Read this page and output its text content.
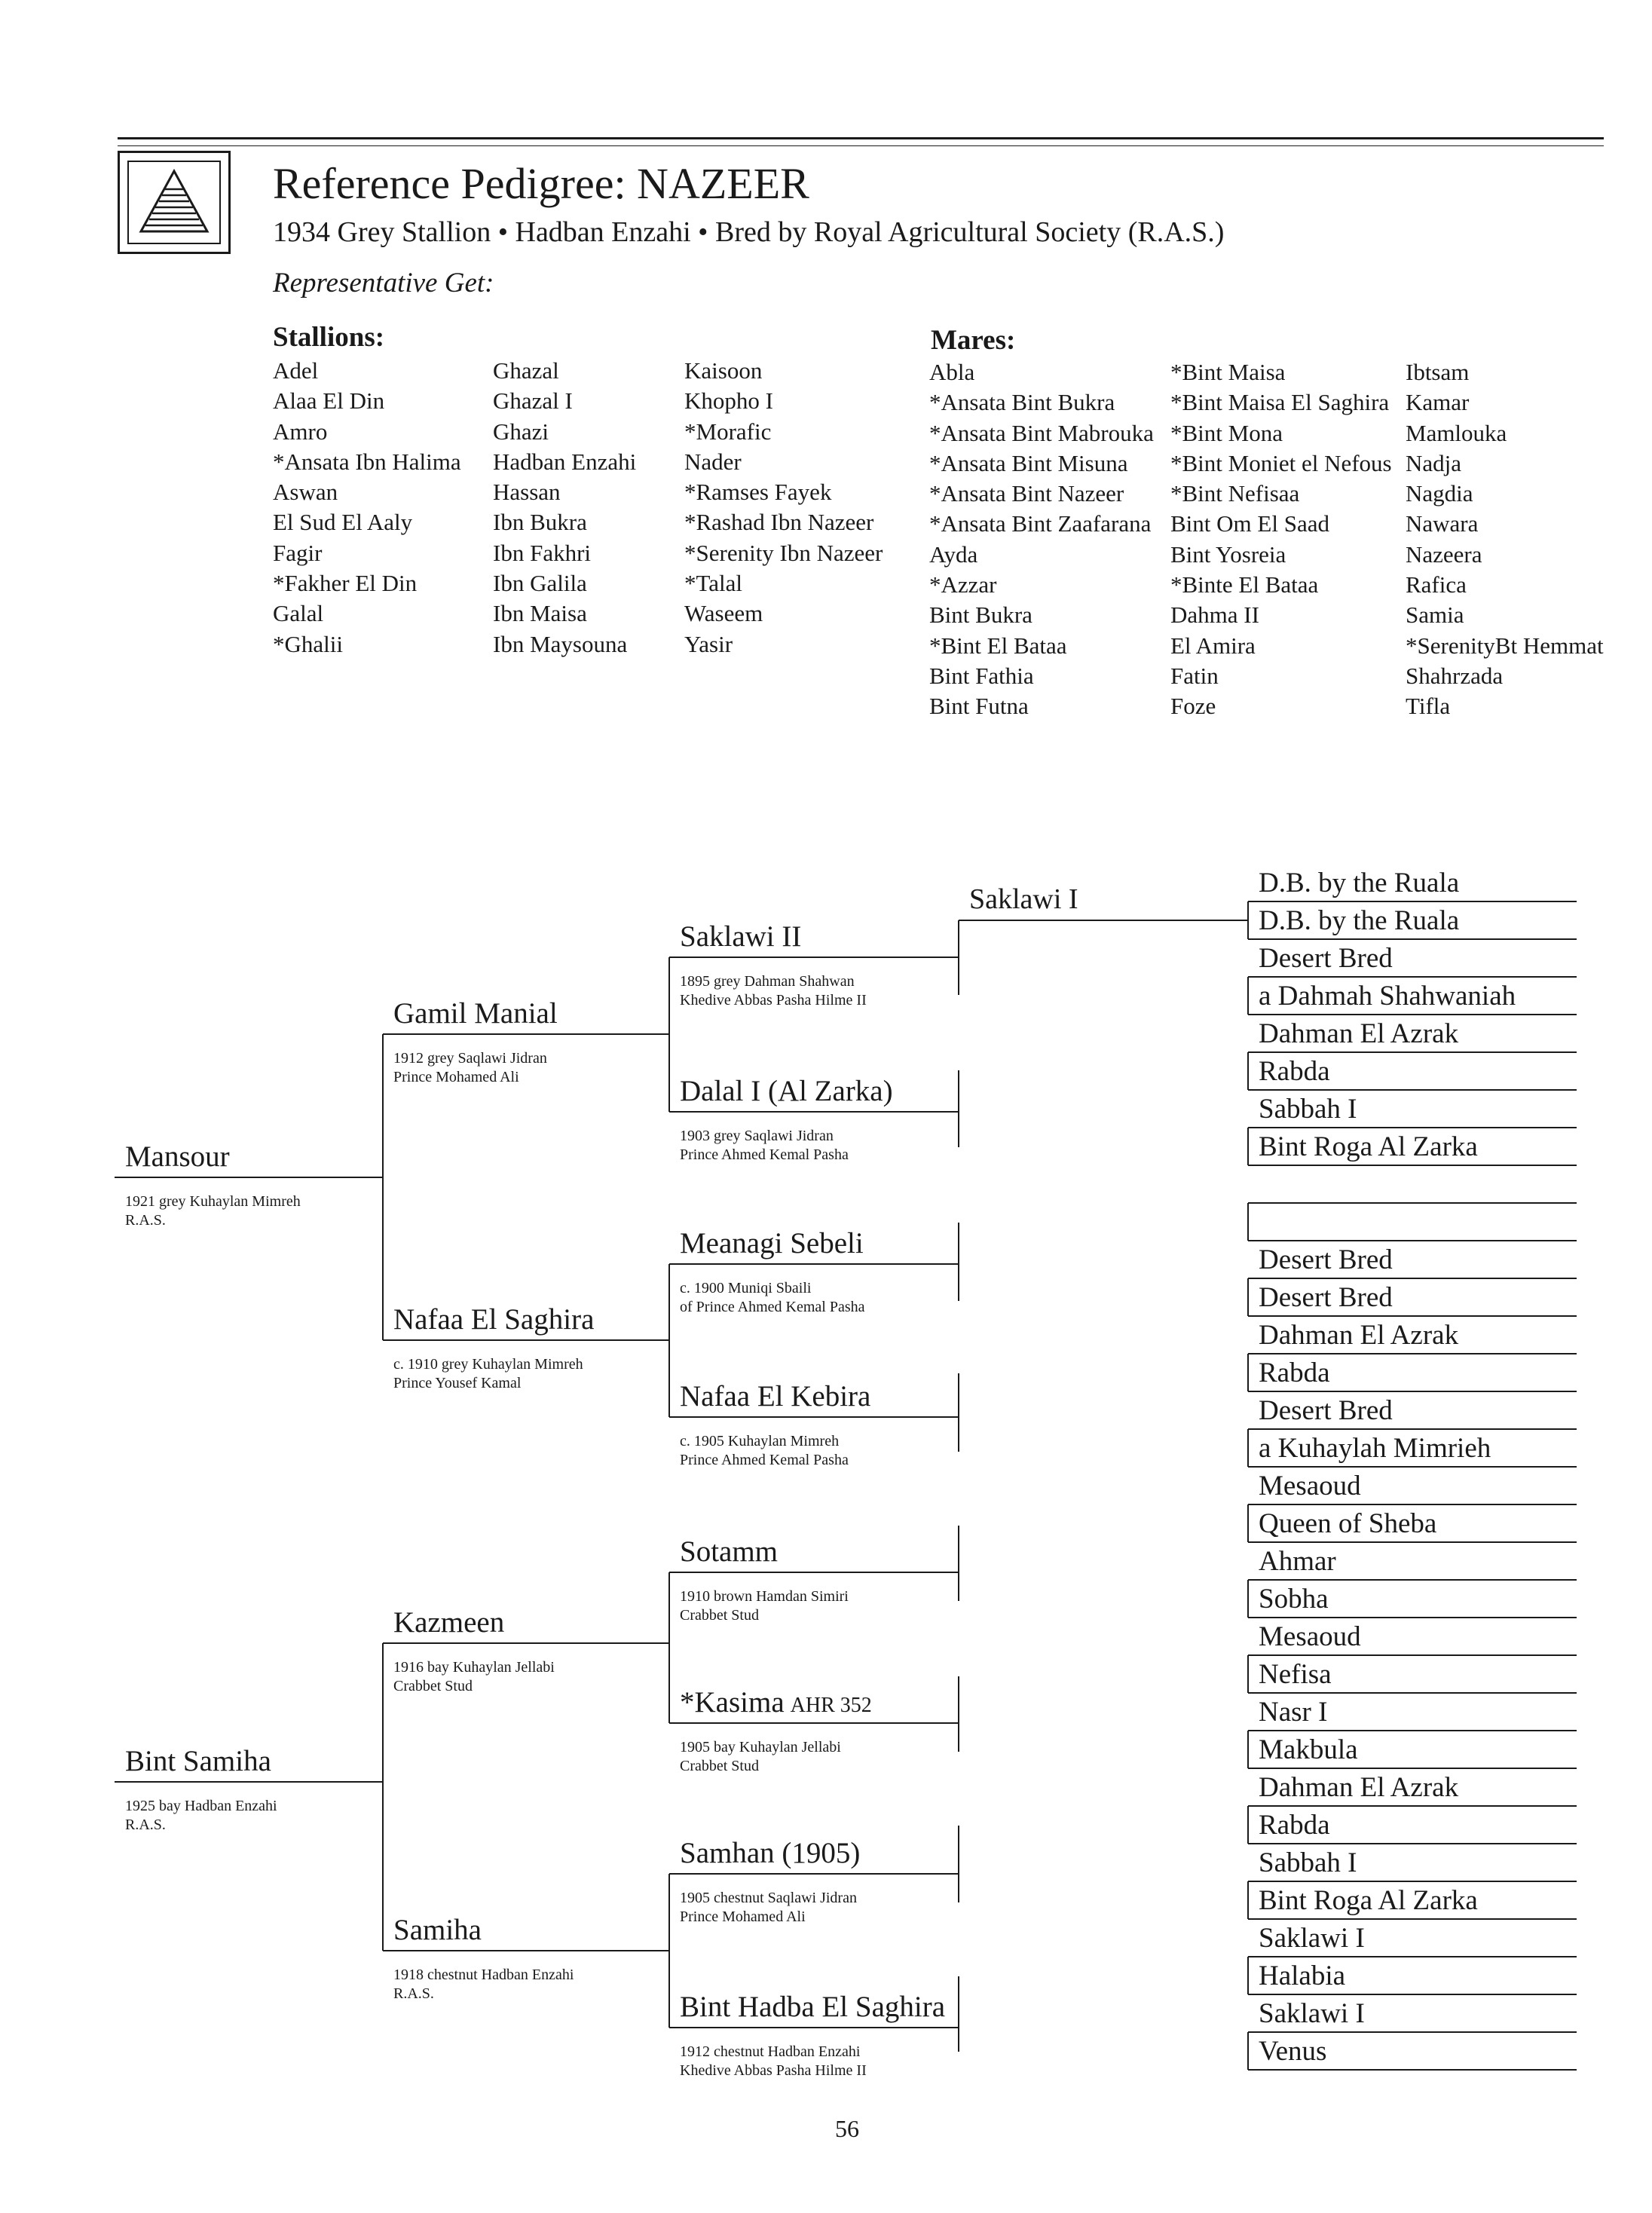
Reference Pedigree: NAZEER
1934 Grey Stallion • Hadban Enzahi • Bred by Royal Agricultural Society (R.A.S.)
Representative Get:
Stallions:
Adel
Alaa El Din
Amro
*Ansata Ibn Halima
Aswan
El Sud El Aaly
Fagir
*Fakher El Din
Galal
*Ghalii
Ghazal
Ghazal I
Ghazi
Hadban Enzahi
Hassan
Ibn Bukra
Ibn Fakhri
Ibn Galila
Ibn Maisa
Ibn Maysouna
Kaisoon
Khopho I
*Morafic
Nader
*Ramses Fayek
*Rashad Ibn Nazeer
*Serenity Ibn Nazeer
*Talal
Waseem
Yasir
Mares:
Abla
*Ansata Bint Bukra
*Ansata Bint Mabrouka
*Ansata Bint Misuna
*Ansata Bint Nazeer
*Ansata Bint Zaafarana
Ayda
*Azzar
Bint Bukra
*Bint El Bataa
Bint Fathia
Bint Futna
*Bint Maisa
*Bint Maisa El Saghira
*Bint Mona
*Bint Moniet el Nefous
*Bint Nefisaa
Bint Om El Saad
Bint Yosreia
*Binte El Bataa
Dahma II
El Amira
Fatin
Foze
Ibtsam
Kamar
Mamlouka
Nadja
Nagdia
Nawara
Nazeera
Rafica
Samia
*SerenityBt Hemmat
Shahrzada
Tifla
Mansour
1921 grey Kuhaylan Mimreh
R.A.S.
Bint Samiha
1925 bay Hadban Enzahi
R.A.S.
Gamil Manial
1912 grey Saqlawi Jidran
Prince Mohamed Ali
Nafaa El Saghira
c. 1910 grey Kuhaylan Mimreh
Prince Yousef Kamal
Kazmeen
1916 bay Kuhaylan Jellabi
Crabbet Stud
Samiha
1918 chestnut Hadban Enzahi
R.A.S.
Saklawi II
1895 grey Dahman Shahwan
Khedive Abbas Pasha Hilme II
Dalal I (Al Zarka)
1903 grey Saqlawi Jidran
Prince Ahmed Kemal Pasha
Meanagi Sebeli
c. 1900 Muniqi Sbaili
of Prince Ahmed Kemal Pasha
Nafaa El Kebira
c. 1905 Kuhaylan Mimreh
Prince Ahmed Kemal Pasha
Sotamm
1910 brown Hamdan Simiri
Crabbet Stud
*Kasima AHR 352
1905 bay Kuhaylan Jellabi
Crabbet Stud
Samhan (1905)
1905 chestnut Saqlawi Jidran
Prince Mohamed Ali
Bint Hadba El Saghira
1912 chestnut Hadban Enzahi
Khedive Abbas Pasha Hilme II
Saklawi I
D.B. by the Ruala
D.B. by the Ruala
Desert Bred
a Dahmah Shahwaniah
Dahman El Azrak
Rabda
Sabbah I
Bint Roga Al Zarka
Desert Bred
Desert Bred
Dahman El Azrak
Rabda
Desert Bred
a Kuhaylah Mimrieh
Mesaoud
Queen of Sheba
Ahmar
Sobha
Mesaoud
Nefisa
Nasr I
Makbula
Dahman El Azrak
Rabda
Sabbah I
Bint Roga Al Zarka
Saklawi I
Halabia
Saklawi I
Venus
56
